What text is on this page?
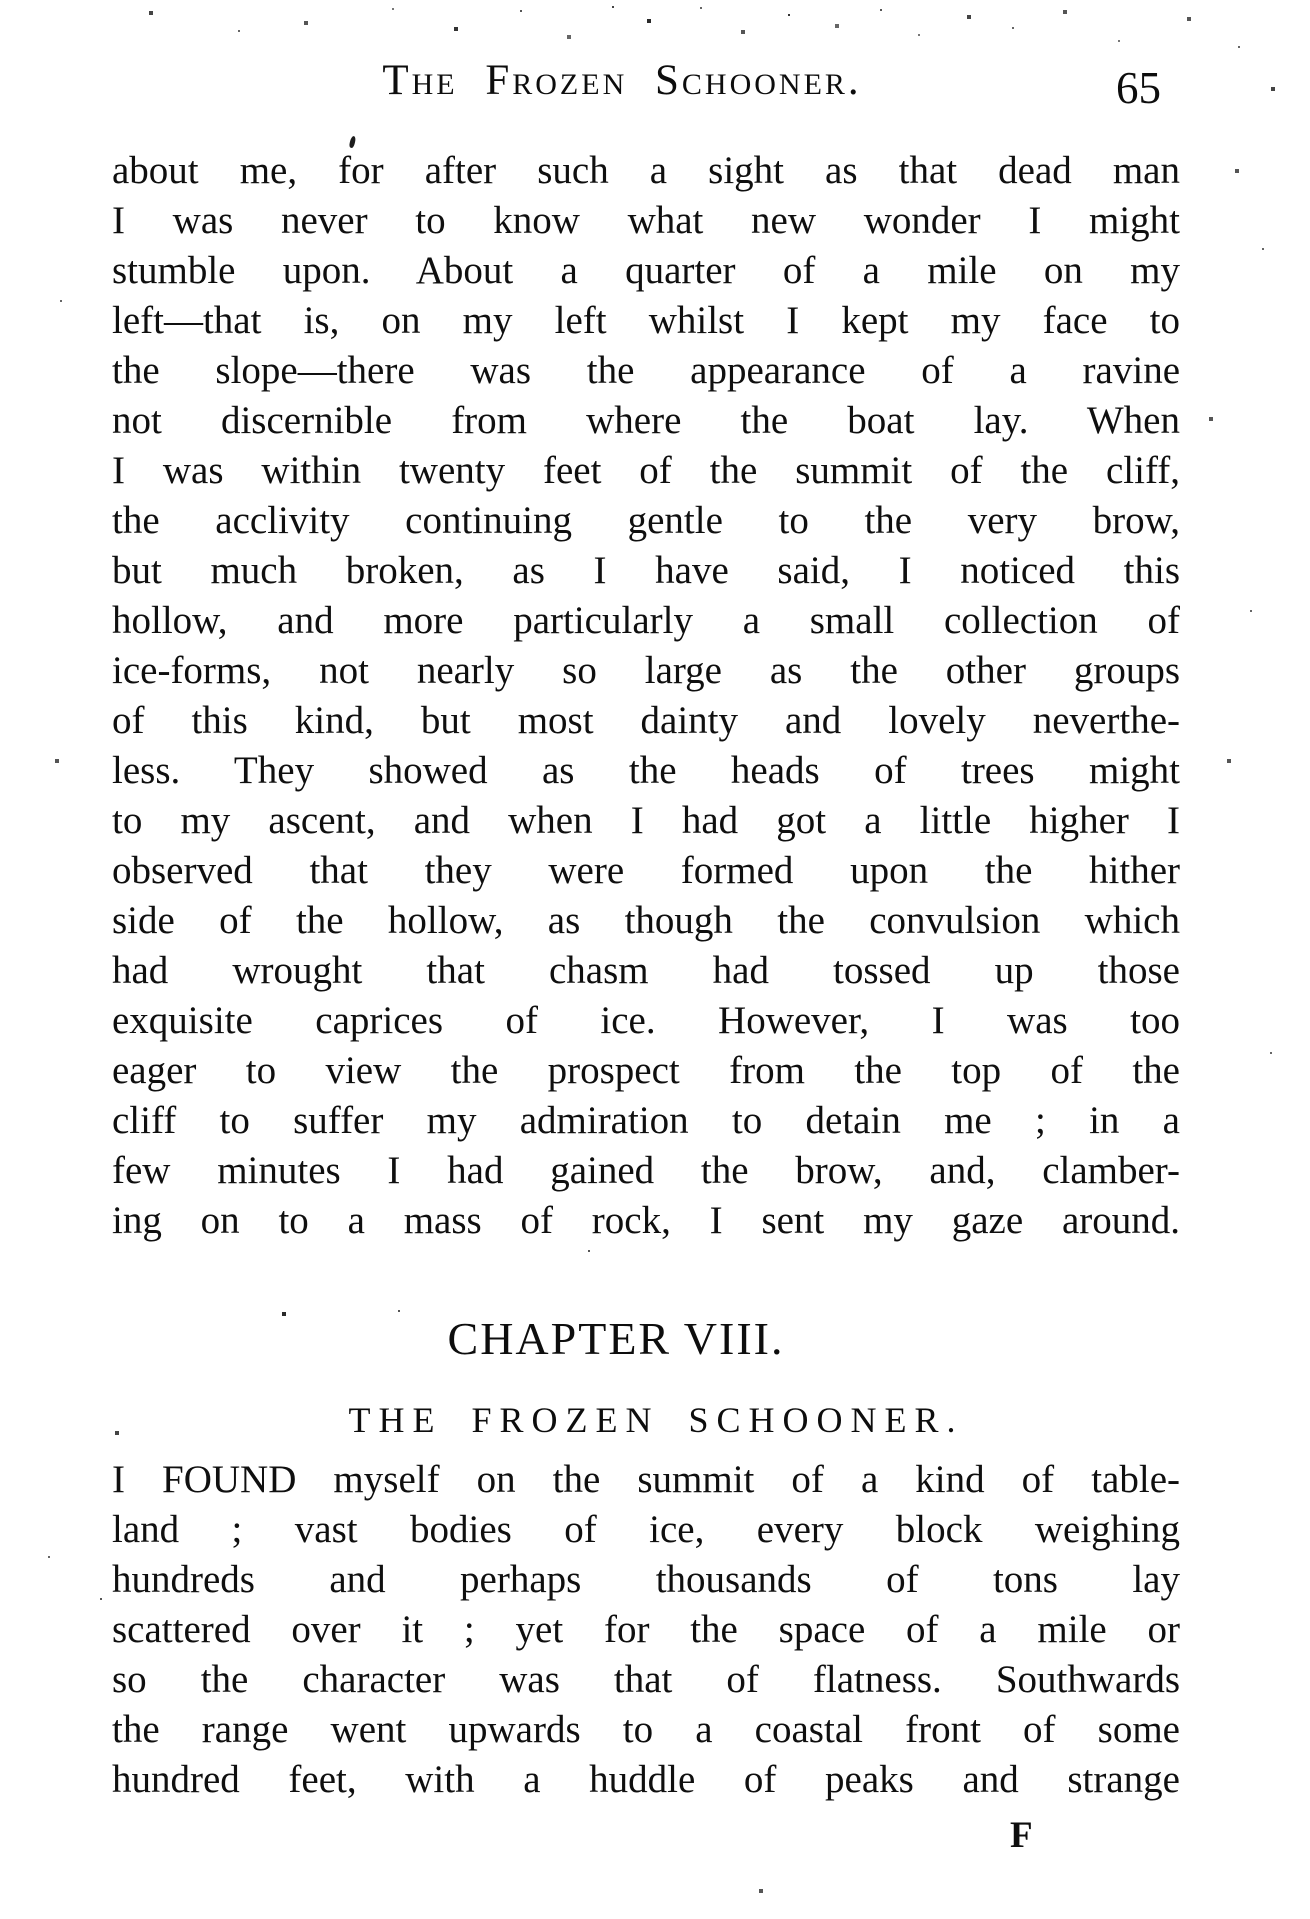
The Frozen Schooner.	65
about me, for after such a sight as that dead man
I was never to know what new wonder I might
stumble upon. About a quarter of a mile on my
left—that is, on my left whilst I kept my face to
the slope—there was the appearance of a ravine
not discernible from where the boat lay. When
I was within twenty feet of the summit of the cliff,
the acclivity continuing gentle to the very brow,
but much broken, as I have said, I noticed this
hollow, and more particularly a small collection of
ice-forms, not nearly so large as the other groups
of this kind, but most dainty and lovely neverthe-
less. They showed as the heads of trees might
to my ascent, and when I had got a little higher I
observed that they were formed upon the hither
side of the hollow, as though the convulsion which
had wrought that chasm had tossed up those
exquisite caprices of ice. However, I was too
eager to view the prospect from the top of the
cliff to suffer my admiration to detain me ; in a
few minutes I had gained the brow, and, clamber-
ing on to a mass of rock, I sent my gaze around.
CHAPTER VIII.
THE FROZEN SCHOONER.
I FOUND myself on the summit of a kind of table-
land ; vast bodies of ice, every block weighing
hundreds and perhaps thousands of tons lay
scattered over it ; yet for the space of a mile or
so the character was that of flatness. Southwards
the range went upwards to a coastal front of some
hundred feet, with a huddle of peaks and strange
F
